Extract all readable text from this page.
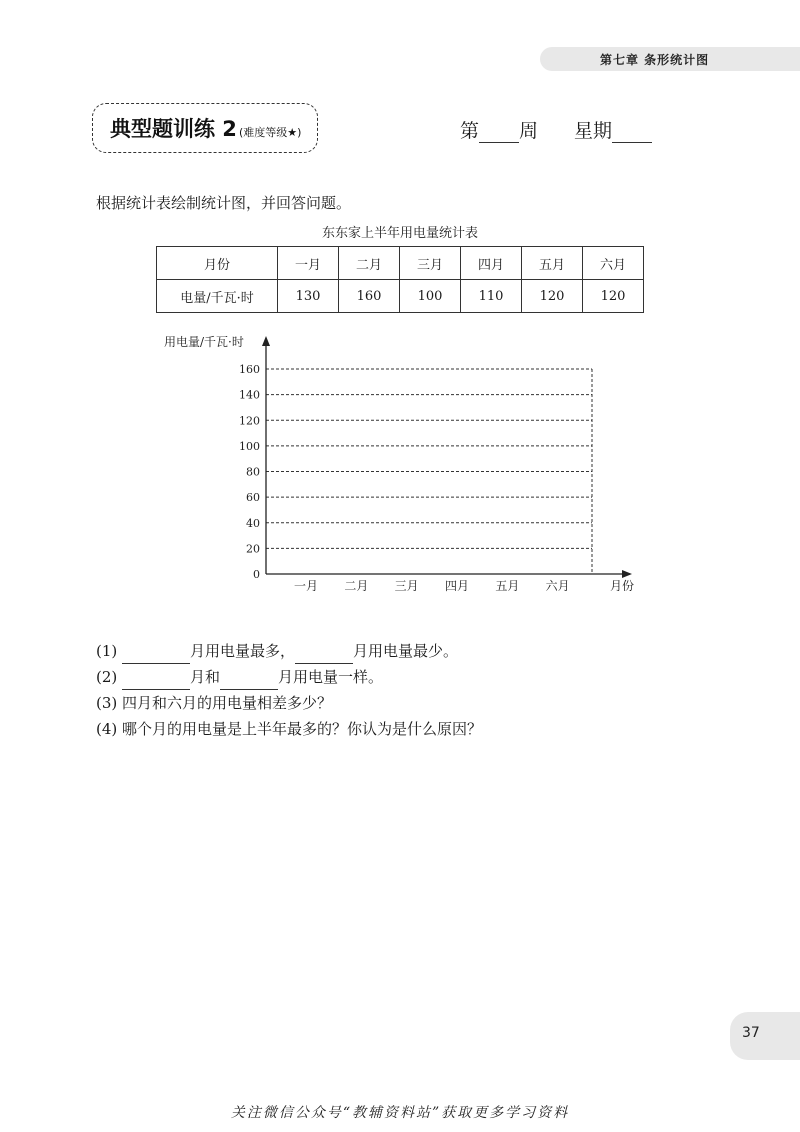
第七章 条形统计图
典型题训练 2 (难度等级★)	第 周 星期
根据统计表绘制统计图，并回答问题。
东东家上半年用电量统计表
月份	一月	二月	三月	四月	五月	六月
电量/千瓦·时	130	160	100	110	120	120
用电量/千瓦·时
0
20
40
60
80
100
120
140
160
一月 二月 三月 四月 五月 六月	月份
(1)	月用电量最多，	月用电量最少。
(2)	月和	月用电量一样。
(3) 四月和六月的用电量相差多少？
(4) 哪个月的用电量是上半年最多的？你认为是什么原因？
37
关注微信公众号“教辅资料站”获取更多学习资料
